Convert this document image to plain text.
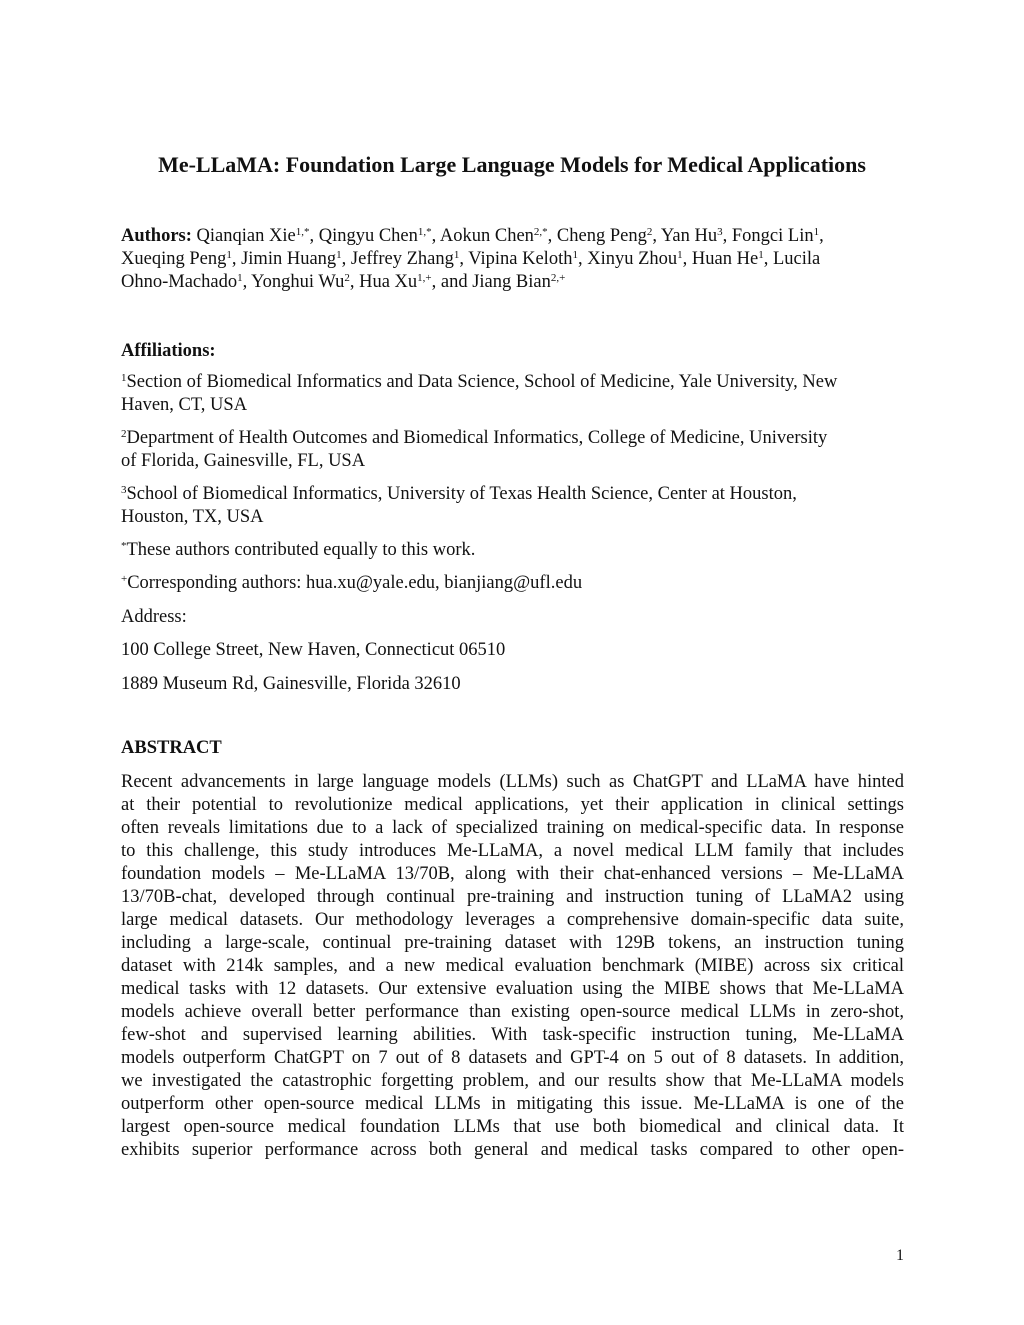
Me-LLaMA: Foundation Large Language Models for Medical Applications
Authors: Qianqian Xie$^{1,*}$, Qingyu Chen$^{1,*}$, Aokun Chen$^{2,*}$, Cheng Peng$^2$, Yan Hu$^3$, Fongci Lin$^1$,
Xueqing Peng$^1$, Jimin Huang$^1$, Jeffrey Zhang$^1$, Vipina Keloth$^1$, Xinyu Zhou$^1$, Huan He$^1$, Lucila
Ohno-Machado$^1$, Yonghui Wu$^2$, Hua $Xu^{1,+}$, and Jiang Bian$^{2,+}$
Affiliations:
$^1$Section of Biomedical Informatics and Data Science, School of Medicine, Yale University, New
Haven, CT, USA
$^2$Department of Health Outcomes and Biomedical Informatics, College of Medicine, University
of Florida, Gainesville, FL, USA
$^3$School of Biomedical Informatics, University of Texas Health Science, Center at Houston,
Houston, TX, USA
*These authors contributed equally to this work.
+Corresponding authors: hua.xu@yale.edu, bianjiang@ufl.edu
Address:
100 College Street, New Haven, Connecticut 06510
1889 Museum Rd, Gainesville, Florida 32610
ABSTRACT
Recent advancements in large language models (LLMs) such as ChatGPT and LLaMA have hinted
at their potential to revolutionize medical applications, yet their application in clinical settings
often reveals limitations due to a lack of specialized training on medical-specific data. In response
to this challenge, this study introduces Me-LLaMA, a novel medical LLM family that includes
foundation models – Me-LLaMA 13/70B, along with their chat-enhanced versions – Me-LLaMA
13/70B-chat, developed through continual pre-training and instruction tuning of LLaMA2 using
large medical datasets. Our methodology leverages a comprehensive domain-specific data suite,
including a large-scale, continual pre-training dataset with 129B tokens, an instruction tuning
dataset with 214k samples, and a new medical evaluation benchmark (MIBE) across six critical
medical tasks with 12 datasets. Our extensive evaluation using the MIBE shows that Me-LLaMA
models achieve overall better performance than existing open-source medical LLMs in zero-shot,
few-shot and supervised learning abilities. With task-specific instruction tuning, Me-LLaMA
models outperform ChatGPT on 7 out of 8 datasets and GPT-4 on 5 out of 8 datasets. In addition,
we investigated the catastrophic forgetting problem, and our results show that Me-LLaMA models
outperform other open-source medical LLMs in mitigating this issue. Me-LLaMA is one of the
largest open-source medical foundation LLMs that use both biomedical and clinical data. It
exhibits superior performance across both general and medical tasks compared to other open-
1
